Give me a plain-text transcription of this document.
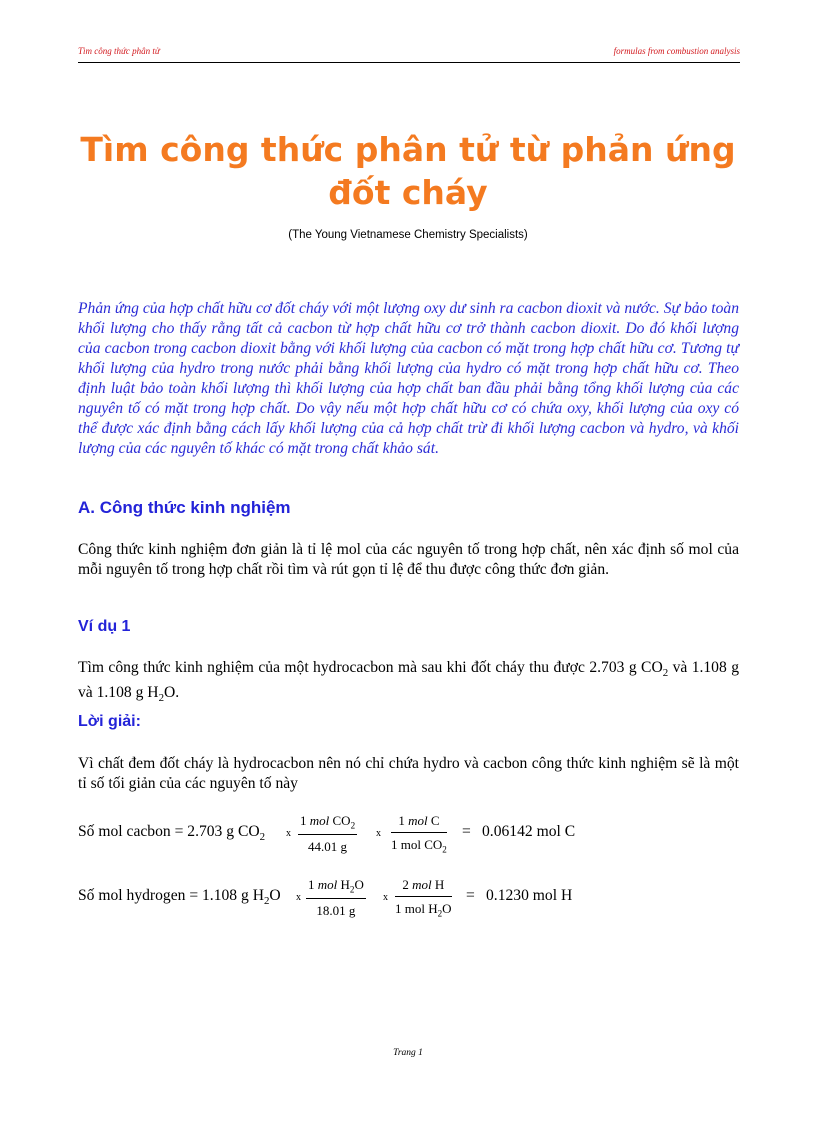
Tìm công thức phân tử	formulas from combustion analysis
Tìm công thức phân tử từ phản ứng đốt cháy
(The Young Vietnamese Chemistry Specialists)

Phản ứng của hợp chất hữu cơ đốt cháy với một lượng oxy dư sinh ra cacbon dioxit và nước. Sự bảo toàn khối lượng cho thấy rằng tất cả cacbon từ hợp chất hữu cơ trở thành cacbon dioxit. Do đó khối lượng của cacbon trong cacbon dioxit bằng với khối lượng của cacbon có mặt trong hợp chất hữu cơ. Tương tự khối lượng của hydro trong nước phải bằng khối lượng của hydro có mặt trong hợp chất hữu cơ. Theo định luật bảo toàn khối lượng thì khối lượng của hợp chất ban đầu phải bằng tổng khối lượng của các nguyên tố có mặt trong hợp chất. Do vậy nếu một hợp chất hữu cơ có chứa oxy, khối lượng của oxy có thể được xác định bằng cách lấy khối lượng của cả hợp chất trừ đi khối lượng cacbon và hydro, và khối lượng của các nguyên tố khác có mặt trong chất khảo sát.

A. Công thức kinh nghiệm

Công thức kinh nghiệm đơn giản là tỉ lệ mol của các nguyên tố trong hợp chất, nên xác định số mol của mỗi nguyên tố trong hợp chất rồi tìm và rút gọn tỉ lệ để thu được công thức đơn giản.

Ví dụ 1

Tìm công thức kinh nghiệm của một hydrocacbon mà sau khi đốt cháy thu được 2.703 g $CO_2$ và 1.108 g và 1.108 g $H_2O$.

Lời giải:

Vì chất đem đốt cháy là hydrocacbon nên nó chỉ chứa hydro và cacbon công thức kinh nghiệm sẽ là một tỉ số tối giản của các nguyên tố này

Số mol cacbon = 2.703 g $CO_2$ x
1 mol $CO_2$
44.01 g
x
1 mol C
1 mol $CO_2$
= 0.06142 mol C
Số mol hydrogen = 1.108 g $H_2O$ x
1 mol $H_2O$
18.01 g
x
2 mol H
1 mol $H_2O$
= 0.1230 mol H
Trang 1
